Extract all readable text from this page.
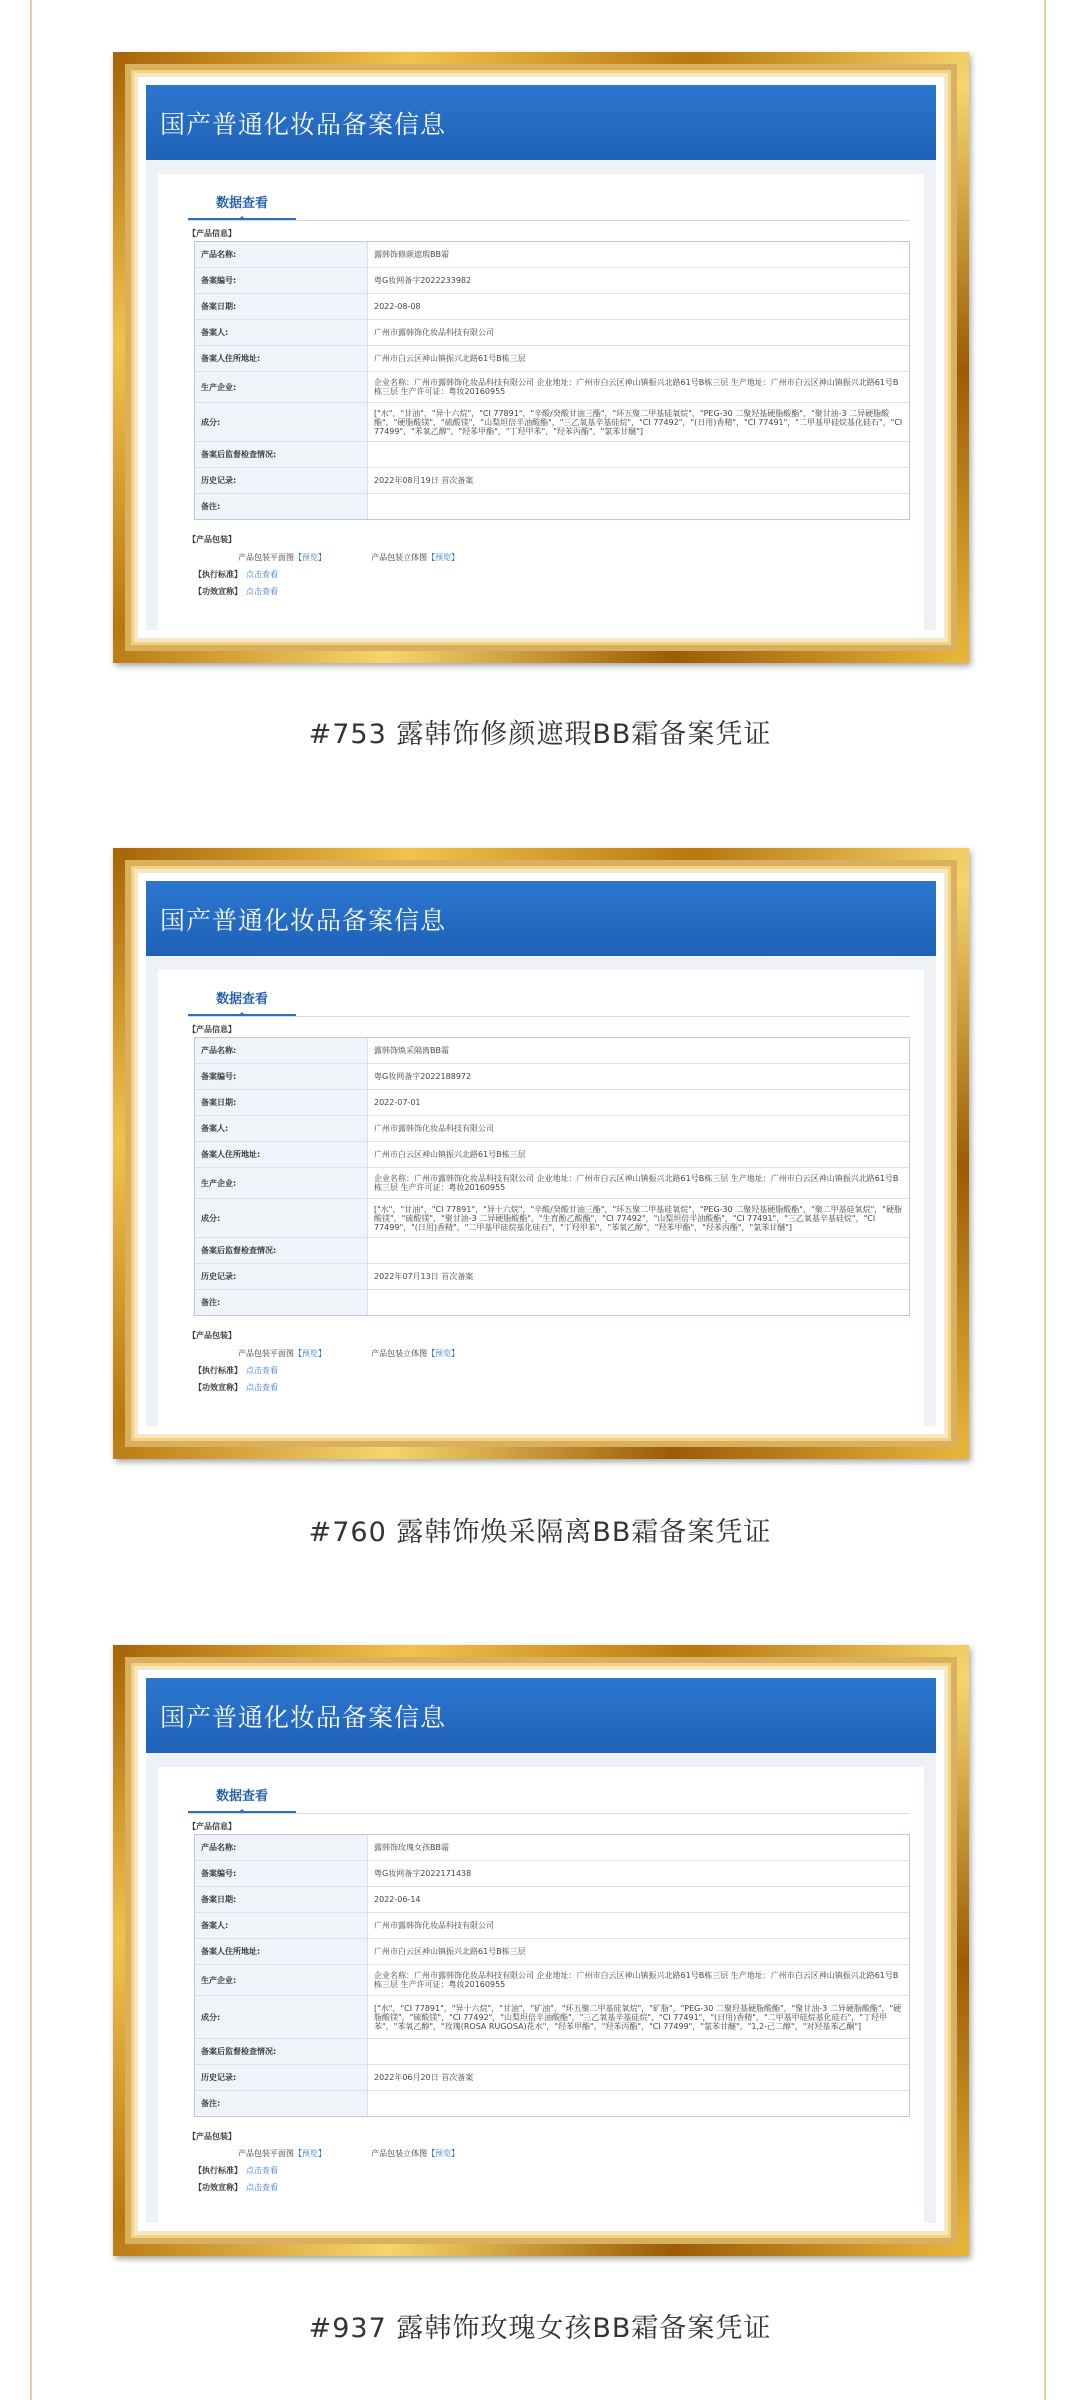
国产普通化妆品备案信息
数据查看
【产品信息】
产品名称:	露韩饰修颜遮瑕BB霜
备案编号:	粤G妆网备字2022233982
备案日期:	2022-08-08
备案人:	广州市露韩饰化妆品科技有限公司
备案人住所地址:	广州市白云区神山镇振兴北路61号B栋三层
生产企业:	企业名称：广州市露韩饰化妆品科技有限公司 企业地址：广州市白云区神山镇振兴北路61号B栋三层 生产地址：广州市白云区神山镇振兴北路61号B栋三层 生产许可证：粤妆20160955
成分:
["水"，"甘油"，"异十六烷"，"CI 77891"，"辛酸/癸酸甘油三酯"，"环五聚二甲基硅氧烷"，"PEG-30 二聚羟基硬脂酸酯"，"聚甘油-3 二异硬脂酸酯"，"硬脂酸镁"，"硫酸镁"，"山梨坦倍半油酸酯"，"三乙氧基辛基硅烷"，"CI 77492"，"(日用)香精"，"CI 77491"，"二甲基甲硅烷基化硅石"，"CI 77499"，"苯氧乙醇"，"羟苯甲酯"，"丁羟甲苯"，"羟苯丙酯"，"氯苯甘醚"]
备案后监督检查情况:
历史记录:	2022年08月19日 首次备案
备注:
【产品包装】
产品包装平面图【预览】	产品包装立体图【预览】
【执行标准】 点击查看
【功效宣称】 点击查看
#753 露韩饰修颜遮瑕BB霜备案凭证
国产普通化妆品备案信息
数据查看
【产品信息】
产品名称:	露韩饰焕采隔离BB霜
备案编号:	粤G妆网备字2022188972
备案日期:	2022-07-01
备案人:	广州市露韩饰化妆品科技有限公司
备案人住所地址:	广州市白云区神山镇振兴北路61号B栋三层
生产企业:	企业名称：广州市露韩饰化妆品科技有限公司 企业地址：广州市白云区神山镇振兴北路61号B栋三层 生产地址：广州市白云区神山镇振兴北路61号B栋三层 生产许可证：粤妆20160955
成分:
["水"，"甘油"，"CI 77891"，"异十六烷"，"辛酸/癸酸甘油三酯"，"环五聚二甲基硅氧烷"，"PEG-30 二聚羟基硬脂酸酯"，"聚二甲基硅氧烷"，"硬脂酸镁"，"硫酸镁"，"聚甘油-3 二异硬脂酸酯"，"生育酚乙酸酯"，"CI 77492"，"山梨坦倍半油酸酯"，"CI 77491"，"三乙氧基辛基硅烷"，"CI 77499"，"(日用)香精"，"二甲基甲硅烷基化硅石"，"丁羟甲苯"，"苯氧乙醇"，"羟苯甲酯"，"羟苯丙酯"，"氯苯甘醚"]
备案后监督检查情况:
历史记录:	2022年07月13日 首次备案
备注:
【产品包装】
产品包装平面图【预览】	产品包装立体图【预览】
【执行标准】 点击查看
【功效宣称】 点击查看
#760 露韩饰焕采隔离BB霜备案凭证
国产普通化妆品备案信息
数据查看
【产品信息】
产品名称:	露韩饰玫瑰女孩BB霜
备案编号:	粤G妆网备字2022171438
备案日期:	2022-06-14
备案人:	广州市露韩饰化妆品科技有限公司
备案人住所地址:	广州市白云区神山镇振兴北路61号B栋三层
生产企业:	企业名称：广州市露韩饰化妆品科技有限公司 企业地址：广州市白云区神山镇振兴北路61号B栋三层 生产地址：广州市白云区神山镇振兴北路61号B栋三层 生产许可证：粤妆20160955
成分:
["水"，"CI 77891"，"异十六烷"，"甘油"，"矿油"，"环五聚二甲基硅氧烷"，"矿脂"，"PEG-30 二聚羟基硬脂酸酯"，"聚甘油-3 二异硬脂酸酯"，"硬脂酸镁"，"硫酸镁"，"CI 77492"，"山梨坦倍半油酸酯"，"三乙氧基辛基硅烷"，"CI 77491"，"(日用)香精"，"二甲基甲硅烷基化硅石"，"丁羟甲苯"，"苯氧乙醇"，"玫瑰(ROSA RUGOSA)花水"，"羟苯甲酯"，"羟苯丙酯"，"CI 77499"，"氯苯甘醚"，"1,2-己二醇"，"对羟基苯乙酮"]
备案后监督检查情况:
历史记录:	2022年06月20日 首次备案
备注:
【产品包装】
产品包装平面图【预览】	产品包装立体图【预览】
【执行标准】 点击查看
【功效宣称】 点击查看
#937 露韩饰玫瑰女孩BB霜备案凭证
